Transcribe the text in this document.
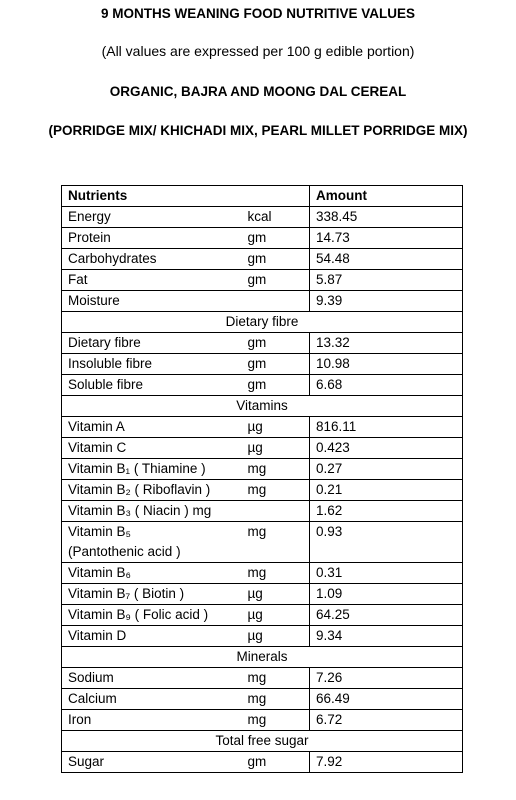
9 MONTHS WEANING FOOD NUTRITIVE VALUES
(All values are expressed per 100 g edible portion)
ORGANIC, BAJRA AND MOONG DAL CEREAL
(PORRIDGE MIX/ KHICHADI MIX, PEARL MILLET PORRIDGE MIX)
Nutrients		Amount
Energy	kcal	338.45
Protein	gm	14.73
Carbohydrates	gm	54.48
Fat	gm	5.87
Moisture		9.39
Dietary fibre		
Dietary fibre	gm	13.32
Insoluble fibre	gm	10.98
Soluble fibre	gm	6.68
Vitamins		
Vitamin A	µg	816.11
Vitamin C	µg	0.423
Vitamin B₁ ( Thiamine )	mg	0.27
Vitamin B₂ ( Riboflavin )	mg	0.21
Vitamin B₃ ( Niacin ) mg		1.62
Vitamin B₅
(Pantothenic acid )	mg	0.93
Vitamin B₆	mg	0.31
Vitamin B₇ ( Biotin )	µg	1.09
Vitamin B₉ ( Folic acid )	µg	64.25
Vitamin D	µg	9.34
Minerals		
Sodium	mg	7.26
Calcium	mg	66.49
Iron	mg	6.72
Total free sugar		
Sugar	gm	7.92
